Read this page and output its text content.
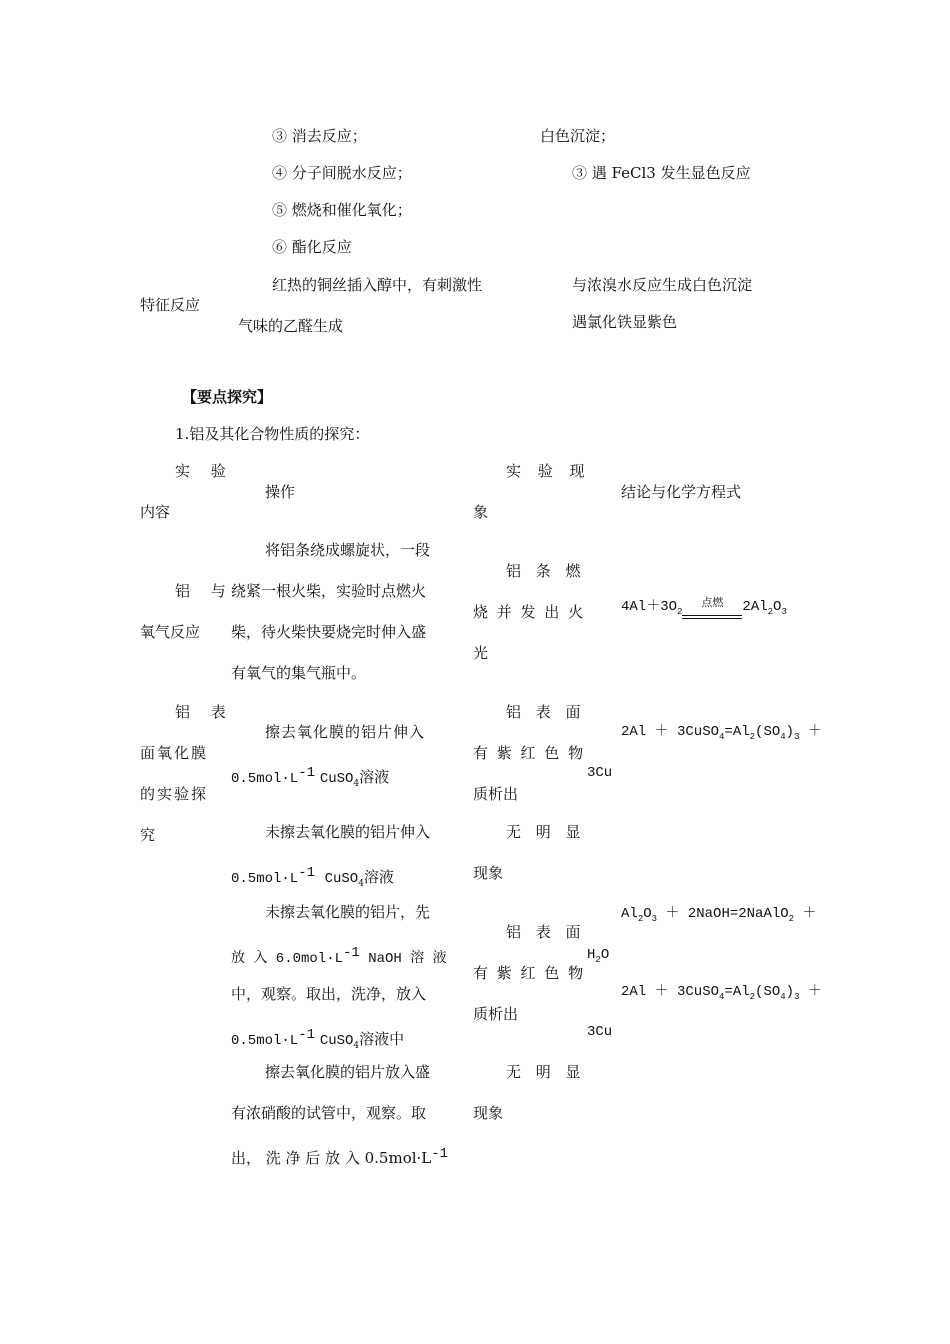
③ 消去反应；
④ 分子间脱水反应；
⑤ 燃烧和催化氧化；
⑥ 酯化反应
白色沉淀；
③ 遇 FeCl3 发生显色反应
特征反应
红热的铜丝插入醇中，有刺激性
气味的乙醛生成
与浓溴水反应生成白色沉淀
遇氯化铁显紫色
【要点探究】
1.铝及其化合物性质的探究：
实 验
内容
操作
实 验 现
象
结论与化学方程式
铝 与
氧气反应
将铝条绕成螺旋状，一段
绕紧一根火柴，实验时点燃火
柴，待火柴快要烧完时伸入盛
有氧气的集气瓶中。
铝 条 燃
烧 并 发 出 火
光
$4Al+3O_2$点燃 $2Al_2O_3$
铝 表
面氧化膜
的实验探
究
擦去氧化膜的铝片伸入
$0.5mol\cdot L^{-1}$ CuSO$_4$溶液
铝 表 面
有 紫 红 色 物
质析出
$2Al + 3CuSO_4=Al_2(SO_4)_3$ ＋
3Cu
未擦去氧化膜的铝片伸入
$0.5mol\cdot L^{-1}$ CuSO$_4$溶液
无 明 显
现象
未擦去氧化膜的铝片，先
放 入 $6.0mol\cdot L^{-1}$ NaOH 溶 液
中，观察。取出，洗净，放入
$0.5mol\cdot L^{-1}$ CuSO$_4$溶液中
铝 表 面
有 紫 红 色 物
质析出
$Al_2O_3$ ＋ 2NaOH=2NaAlO$_2$ ＋
$H_2O$
$2Al + 3CuSO_4=Al_2(SO_4)_3$ ＋
3Cu
擦去氧化膜的铝片放入盛
有浓硝酸的试管中，观察。取
出， 洗 净 后 放 入 $0.5mol\cdot L^{-1}$
无 明 显
现象
